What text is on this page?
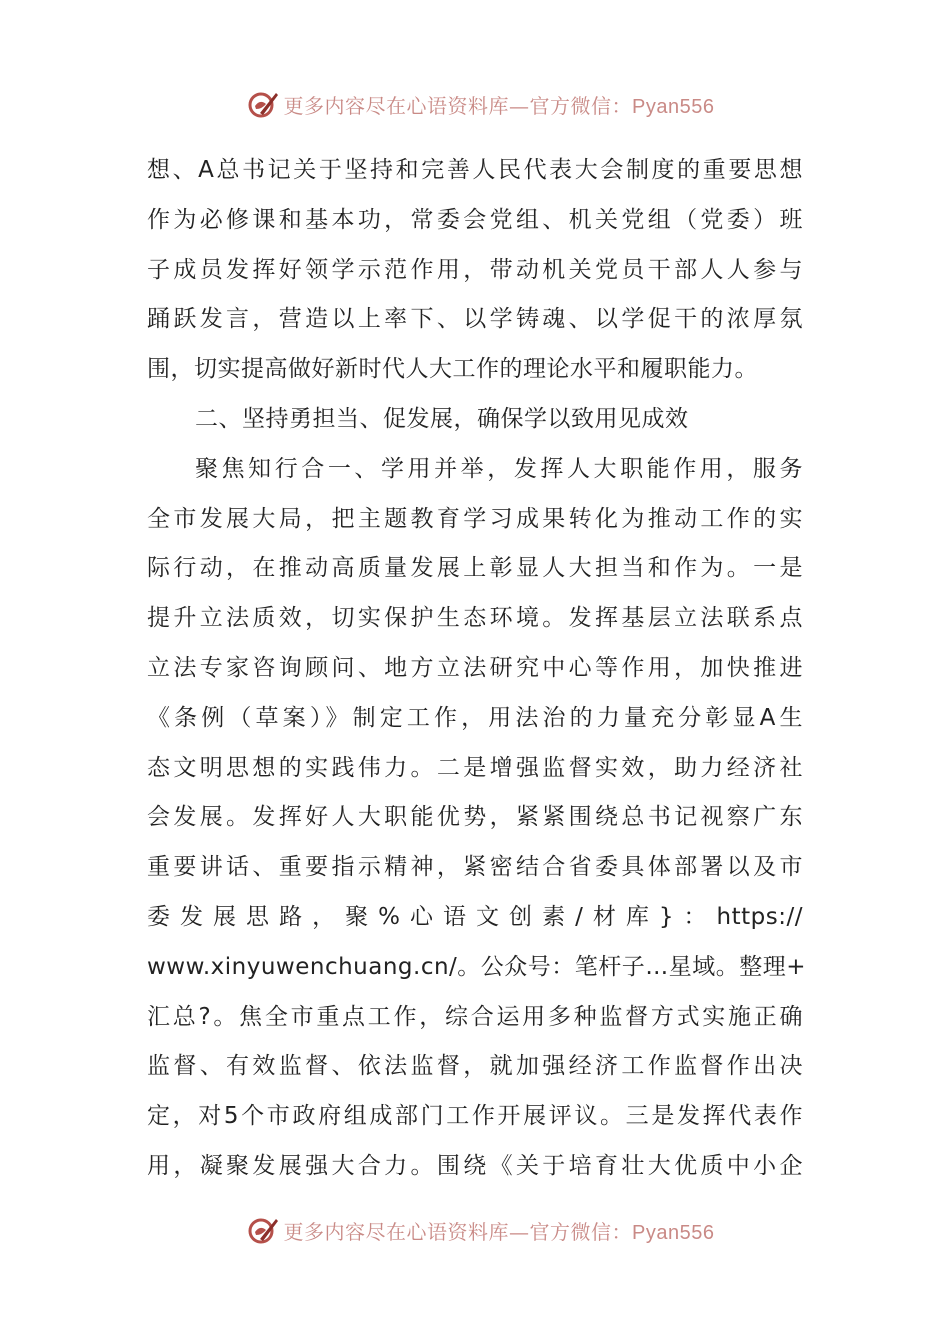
更多内容尽在心语资料库—官方微信：Pyan556
想、A总书记关于坚持和完善人民代表大会制度的重要思想
作为必修课和基本功，常委会党组、机关党组（党委）班
子成员发挥好领学示范作用，带动机关党员干部人人参与
踊跃发言，营造以上率下、以学铸魂、以学促干的浓厚氛
围，切实提高做好新时代人大工作的理论水平和履职能力。
二、坚持勇担当、促发展，确保学以致用见成效
聚焦知行合一、学用并举，发挥人大职能作用，服务
全市发展大局，把主题教育学习成果转化为推动工作的实
际行动，在推动高质量发展上彰显人大担当和作为。一是
提升立法质效，切实保护生态环境。发挥基层立法联系点
立法专家咨询顾问、地方立法研究中心等作用，加快推进
《条例（草案）》制定工作，用法治的力量充分彰显A生
态文明思想的实践伟力。二是增强监督实效，助力经济社
会发展。发挥好人大职能优势，紧紧围绕总书记视察广东
重要讲话、重要指示精神，紧密结合省委具体部署以及市
委发展思路，聚%心语文创素/材库}：https://
www.xinyuwenchuang.cn/。公众号：笔杆子…星域。整理+
汇总?。焦全市重点工作，综合运用多种监督方式实施正确
监督、有效监督、依法监督，就加强经济工作监督作出决
定，对5个市政府组成部门工作开展评议。三是发挥代表作
用，凝聚发展强大合力。围绕《关于培育壮大优质中小企
更多内容尽在心语资料库—官方微信：Pyan556
